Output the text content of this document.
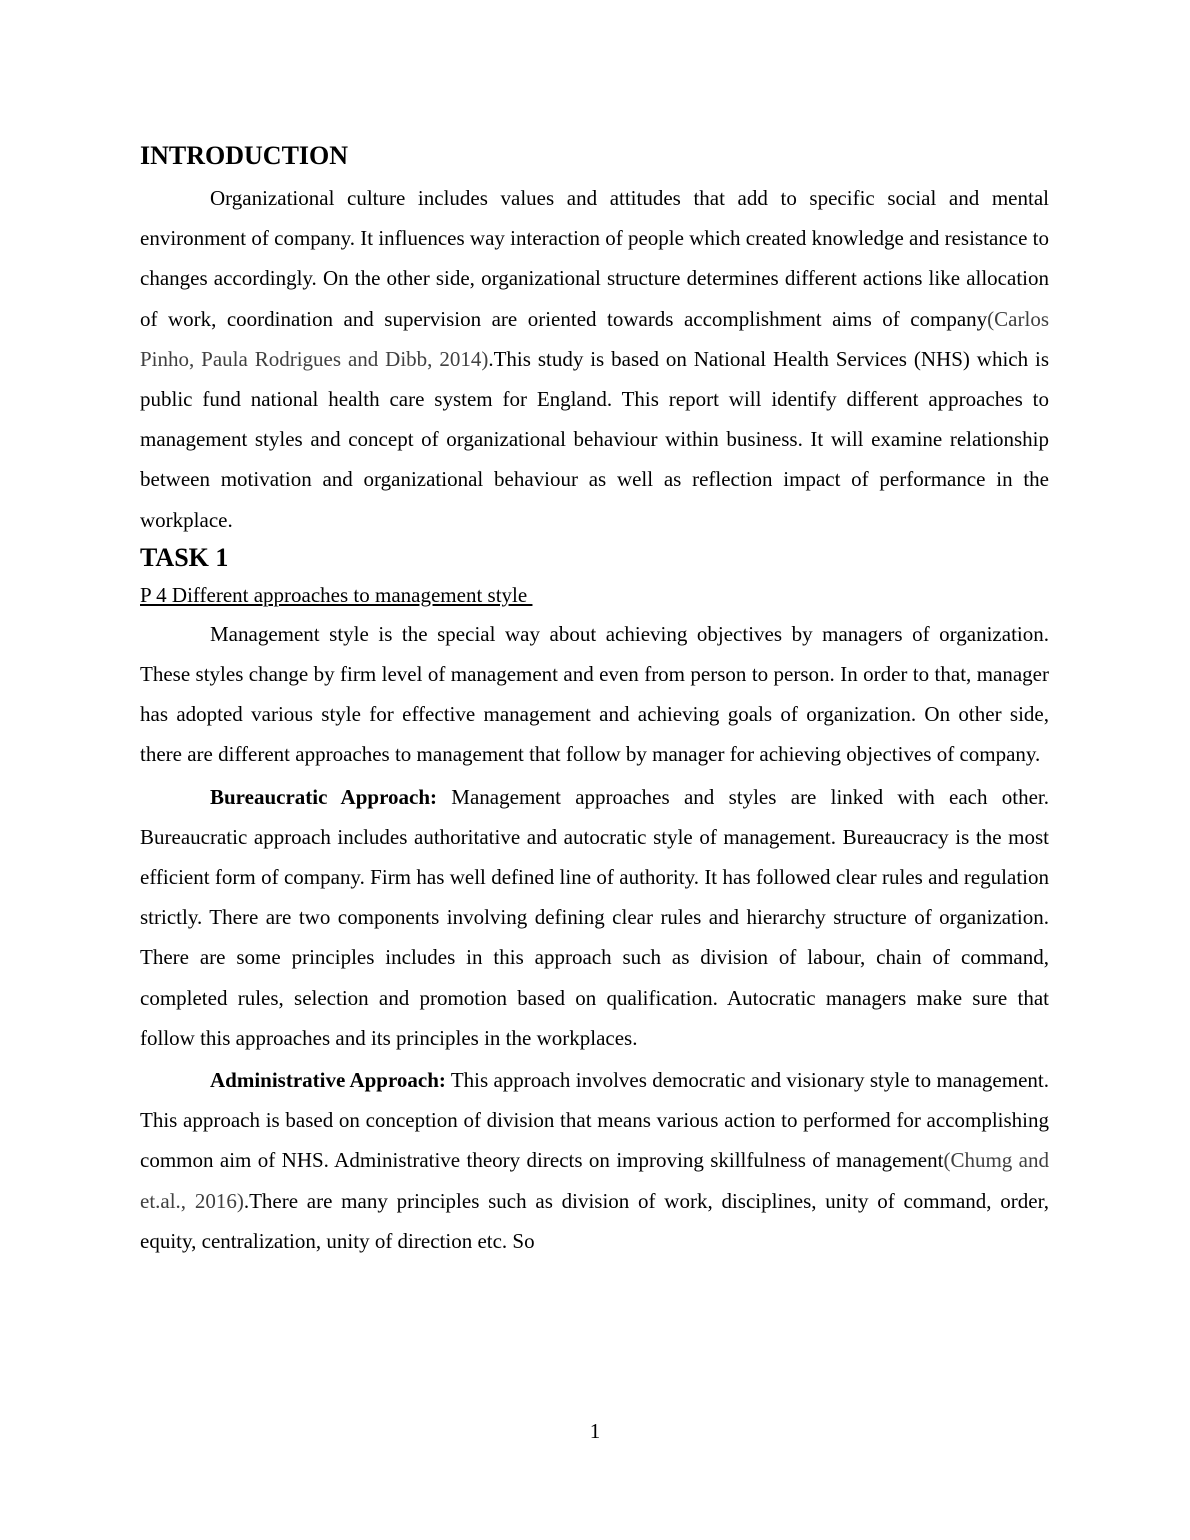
INTRODUCTION

Organizational culture includes values and attitudes that add to specific social and mental environment of company. It influences way interaction of people which created knowledge and resistance to changes accordingly. On the other side, organizational structure determines different actions like allocation of work, coordination and supervision are oriented towards accomplishment aims of company(Carlos Pinho, Paula Rodrigues and Dibb, 2014).This study is based on National Health Services (NHS) which is public fund national health care system for England. This report will identify different approaches to management styles and concept of organizational behaviour within business. It will examine relationship between motivation and organizational behaviour as well as reflection impact of performance in the workplace.

TASK 1
P 4 Different approaches to management style

Management style is the special way about achieving objectives by managers of organization. These styles change by firm level of management and even from person to person. In order to that, manager has adopted various style for effective management and achieving goals of organization. On other side, there are different approaches to management that follow by manager for achieving objectives of company.

Bureaucratic Approach: Management approaches and styles are linked with each other. Bureaucratic approach includes authoritative and autocratic style of management. Bureaucracy is the most efficient form of company. Firm has well defined line of authority. It has followed clear rules and regulation strictly. There are two components involving defining clear rules and hierarchy structure of organization. There are some principles includes in this approach such as division of labour, chain of command, completed rules, selection and promotion based on qualification. Autocratic managers make sure that follow this approaches and its principles in the workplaces.

Administrative Approach: This approach involves democratic and visionary style to management. This approach is based on conception of division that means various action to performed for accomplishing common aim of NHS. Administrative theory directs on improving skillfulness of management(Chumg and et.al., 2016).There are many principles such as division of work, disciplines, unity of command, order, equity, centralization, unity of direction etc. So

1
